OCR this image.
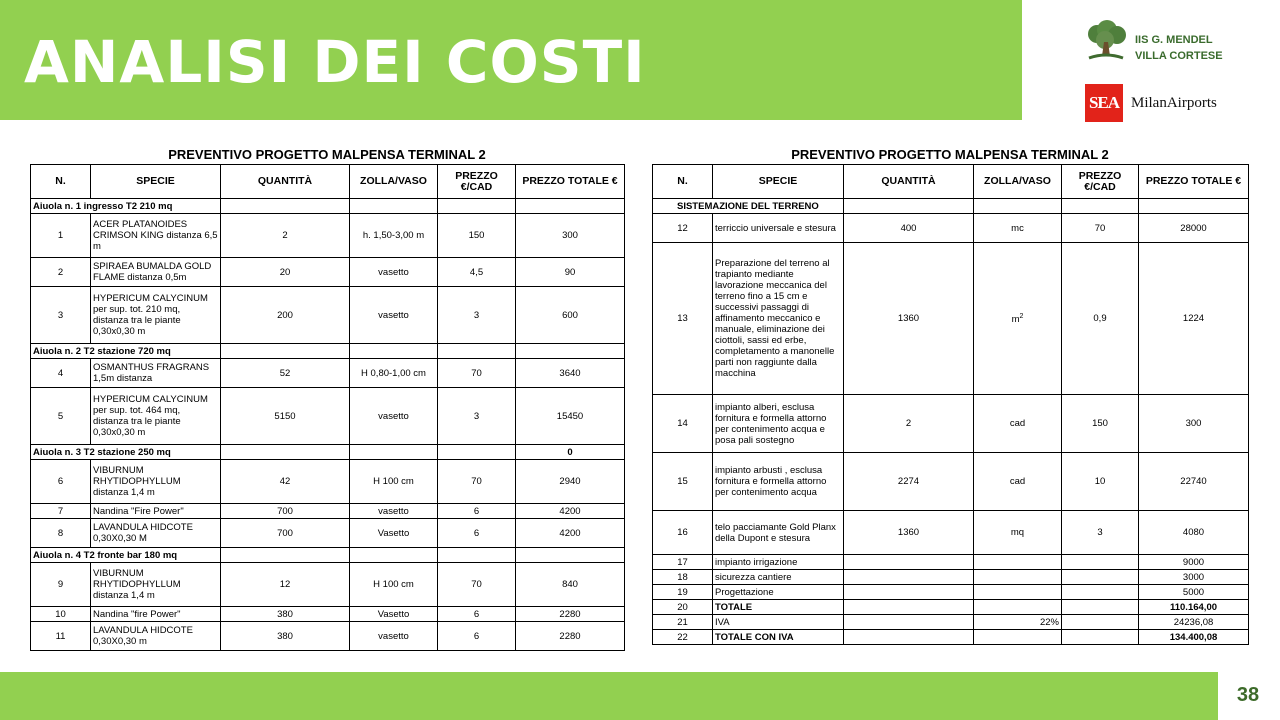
ANALISI DEI COSTI	IIS G. MENDEL
VILLA CORTESE
SEA MilanAirports
PREVENTIVO PROGETTO MALPENSA TERMINAL 2
N.	SPECIE	QUANTITÀ	ZOLLA/VASO	PREZZO €/CAD	PREZZO TOTALE €
Aiuola n. 1 ingresso T2 210 mq					
1	ACER PLATANOIDES CRIMSON KING distanza 6,5 m	2	h. 1,50-3,00 m	150	300
2	SPIRAEA BUMALDA GOLD FLAME distanza 0,5m	20	vasetto	4,5	90
3	HYPERICUM CALYCINUM per sup. tot. 210 mq, distanza tra le piante 0,30x0,30 m	200	vasetto	3	600
Aiuola n. 2 T2 stazione 720 mq					
4	OSMANTHUS FRAGRANS 1,5m distanza	52	H 0,80-1,00 cm	70	3640
5	HYPERICUM CALYCINUM per sup. tot. 464 mq, distanza tra le piante 0,30x0,30 m	5150	vasetto	3	15450
Aiuola n. 3 T2 stazione 250 mq					0
6	VIBURNUM RHYTIDOPHYLLUM distanza 1,4 m	42	H 100 cm	70	2940
7	Nandina "Fire Power"	700	vasetto	6	4200
8	LAVANDULA HIDCOTE 0,30X0,30 M	700	Vasetto	6	4200
Aiuola n. 4 T2 fronte bar 180 mq					
9	VIBURNUM RHYTIDOPHYLLUM distanza 1,4 m	12	H 100 cm	70	840
10	Nandina "fire Power"	380	Vasetto	6	2280
11	LAVANDULA HIDCOTE 0,30X0,30 m	380	vasetto	6	2280
PREVENTIVO PROGETTO MALPENSA TERMINAL 2
N.	SPECIE	QUANTITÀ	ZOLLA/VASO	PREZZO €/CAD	PREZZO TOTALE €
SISTEMAZIONE DEL TERRENO					
12	terriccio universale e stesura	400	mc	70	28000
13	Preparazione del terreno al trapianto mediante lavorazione meccanica del terreno fino a 15 cm e successivi passaggi di affinamento meccanico e manuale, eliminazione dei ciottoli, sassi ed erbe, completamento a manonelle parti non raggiunte dalla macchina	1360	$m^2$	0,9	1224
14	impianto alberi, esclusa fornitura e formella attorno per contenimento acqua e posa pali sostegno	2	cad	150	300
15	impianto arbusti , esclusa fornitura e formella attorno per contenimento acqua	2274	cad	10	22740
16	telo pacciamante Gold Planx della Dupont e stesura	1360	mq	3	4080
17	impianto irrigazione				9000
18	sicurezza cantiere				3000
19	Progettazione				5000
20	TOTALE				110.164,00
21	IVA		22%		24236,08
22	TOTALE CON IVA				134.400,08
38
